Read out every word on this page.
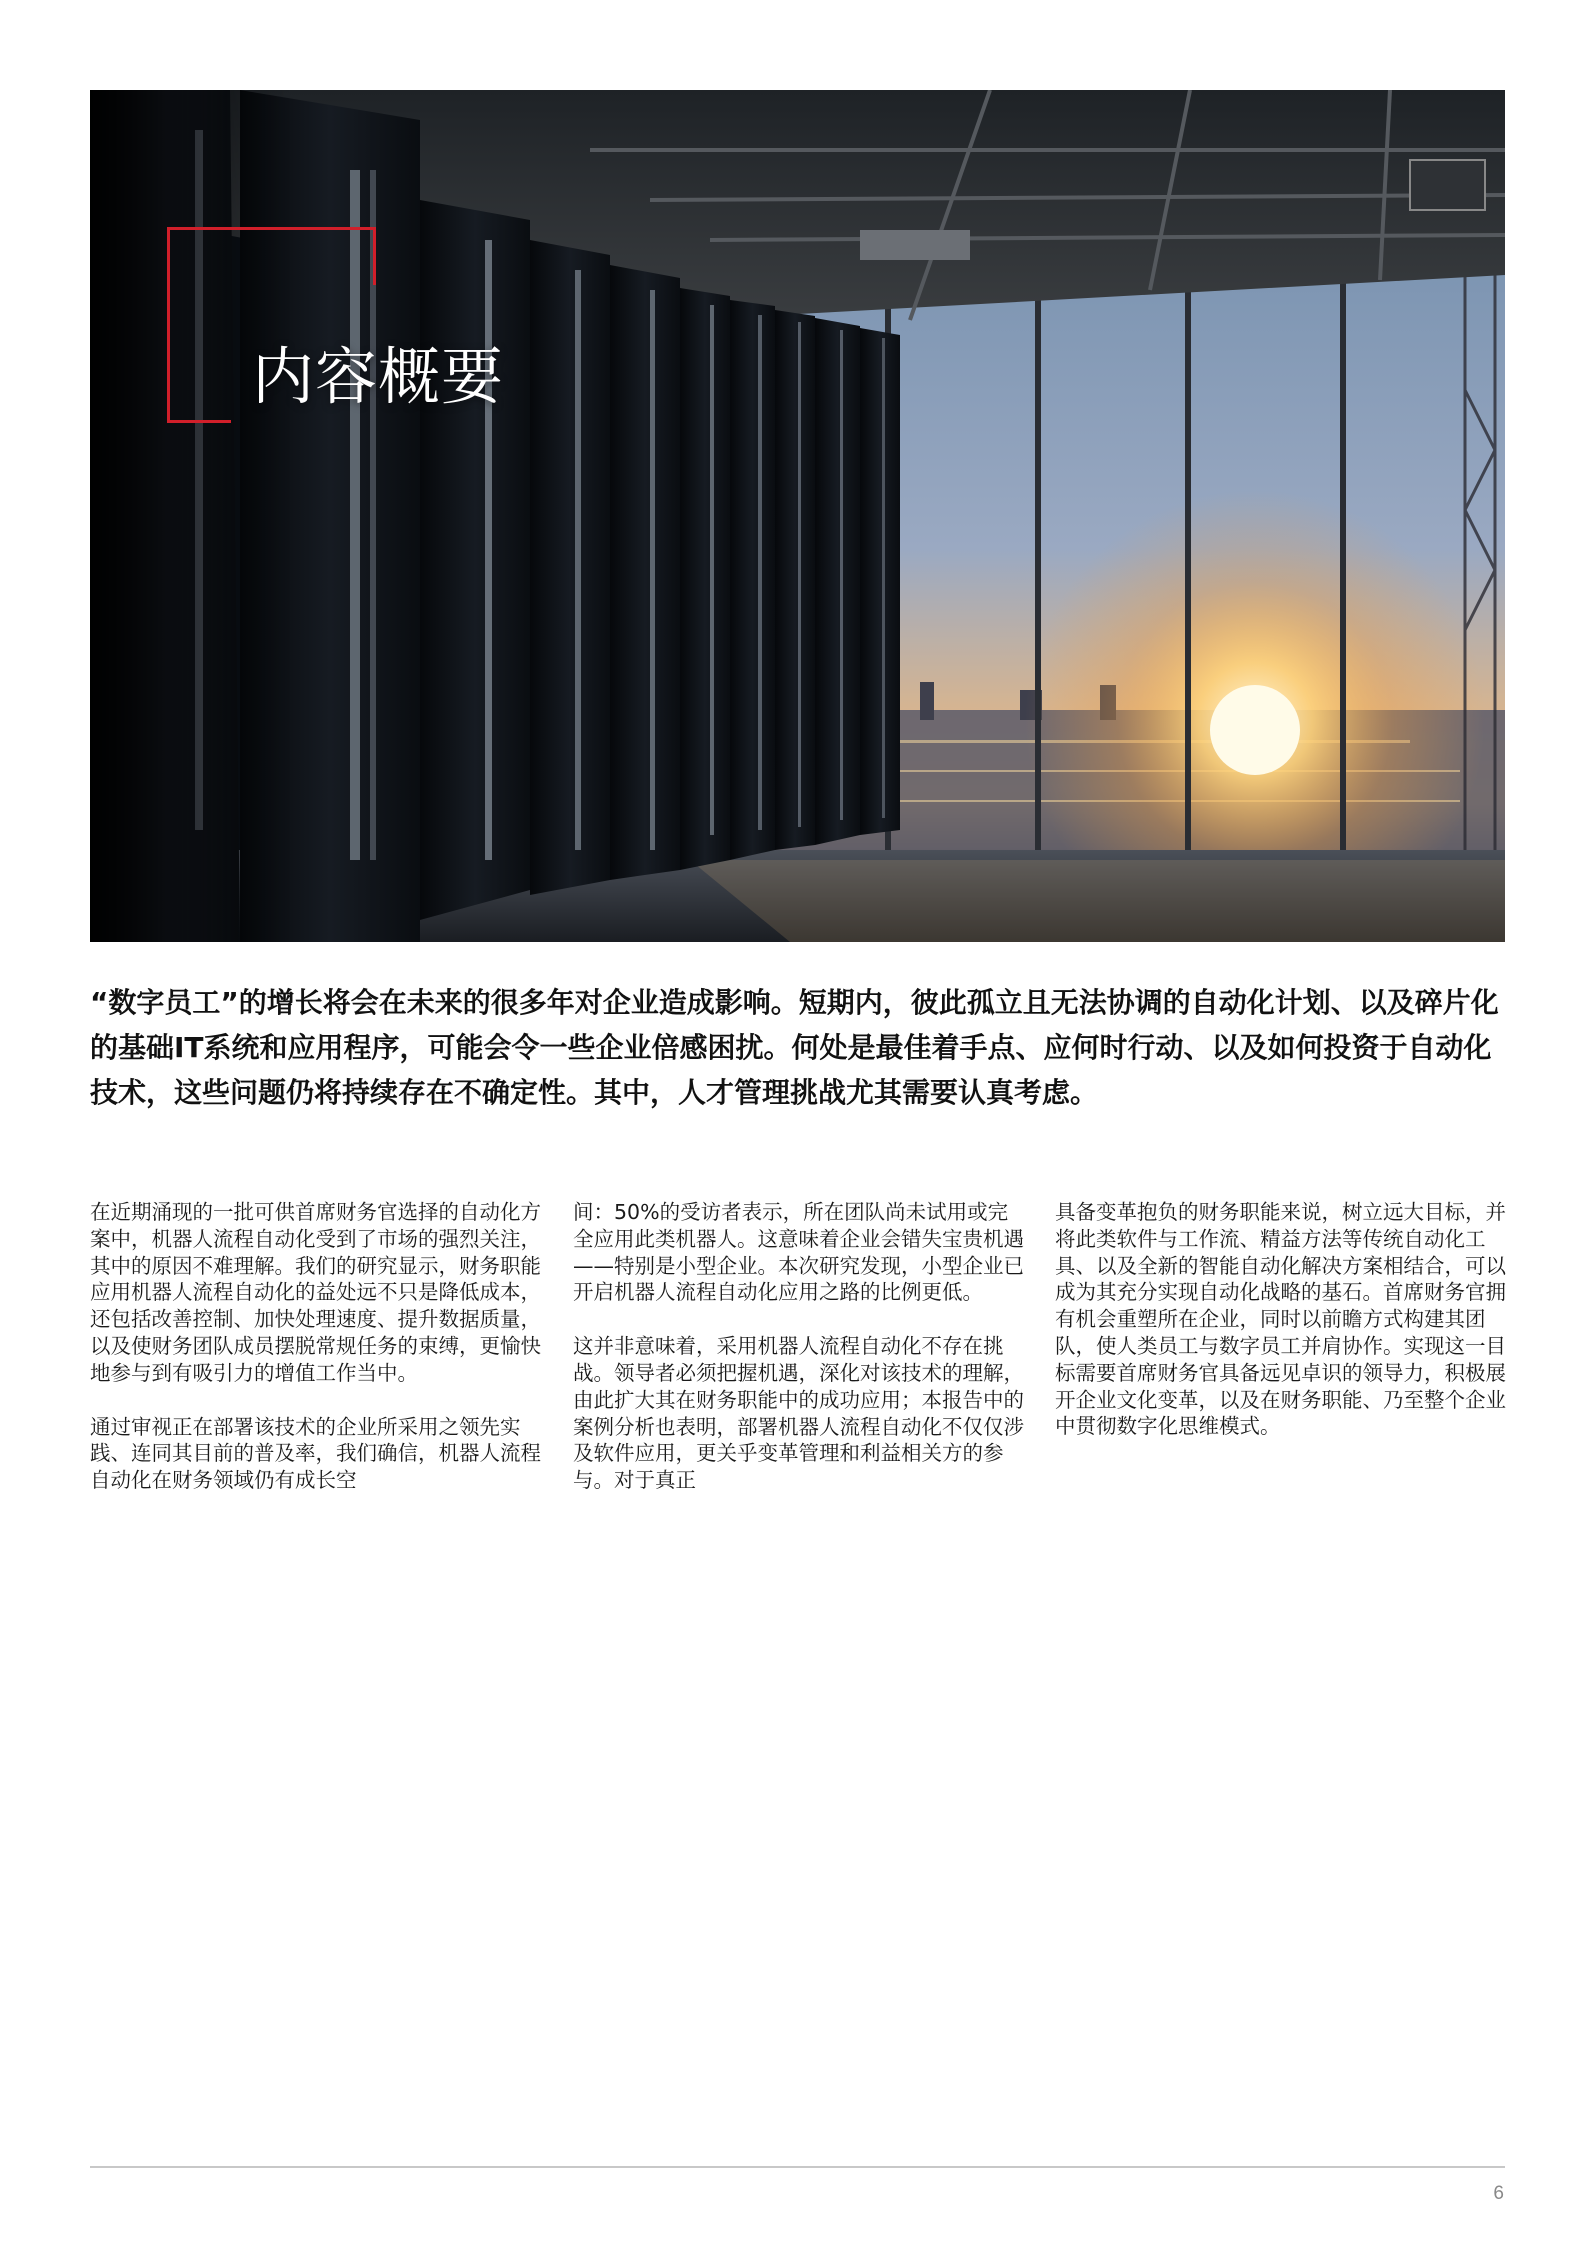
内容概要

“数字员工”的增长将会在未来的很多年对企业造成影响。短期内，彼此孤立且无法协调的自动化计划、以及碎片化的基础IT系统和应用程序，可能会令一些企业倍感困扰。何处是最佳着手点、应何时行动、以及如何投资于自动化技术，这些问题仍将持续存在不确定性。其中，人才管理挑战尤其需要认真考虑。

在近期涌现的一批可供首席财务官选择的自动化方案中，机器人流程自动化受到了市场的强烈关注，其中的原因不难理解。我们的研究显示，财务职能应用机器人流程自动化的益处远不只是降低成本，还包括改善控制、加快处理速度、提升数据质量，以及使财务团队成员摆脱常规任务的束缚，更愉快地参与到有吸引力的增值工作当中。

通过审视正在部署该技术的企业所采用之领先实践、连同其目前的普及率，我们确信，机器人流程自动化在财务领域仍有成长空

间：50%的受访者表示，所在团队尚未试用或完全应用此类机器人。这意味着企业会错失宝贵机遇——特别是小型企业。本次研究发现，小型企业已开启机器人流程自动化应用之路的比例更低。

这并非意味着，采用机器人流程自动化不存在挑战。领导者必须把握机遇，深化对该技术的理解，由此扩大其在财务职能中的成功应用；本报告中的案例分析也表明，部署机器人流程自动化不仅仅涉及软件应用，更关乎变革管理和利益相关方的参与。对于真正

具备变革抱负的财务职能来说，树立远大目标，并将此类软件与工作流、精益方法等传统自动化工具、以及全新的智能自动化解决方案相结合，可以成为其充分实现自动化战略的基石。首席财务官拥有机会重塑所在企业，同时以前瞻方式构建其团队，使人类员工与数字员工并肩协作。实现这一目标需要首席财务官具备远见卓识的领导力，积极展开企业文化变革，以及在财务职能、乃至整个企业中贯彻数字化思维模式。

6
